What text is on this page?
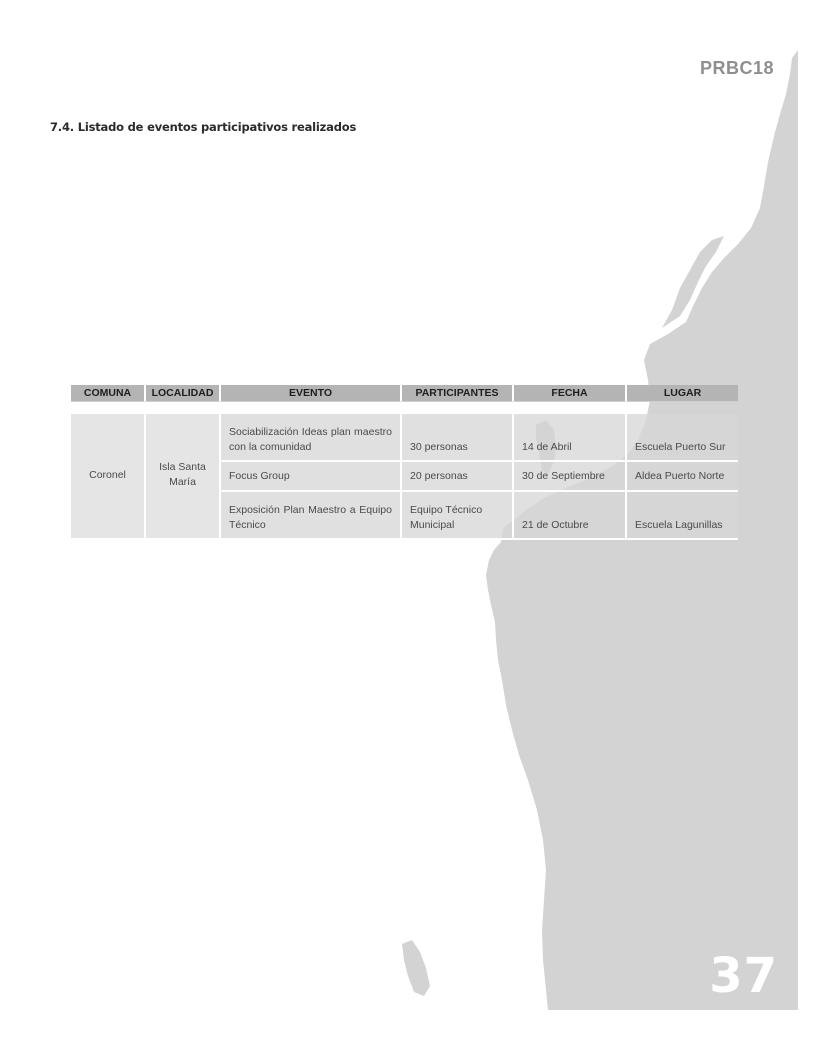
PRBC18
7.4. Listado de eventos participativos realizados
COMUNA	LOCALIDAD	EVENTO	PARTICIPANTES	FECHA	LUGAR

Coronel	Isla Santa María	Sociabilización Ideas plan maestro con la comunidad	30 personas	14 de Abril	Escuela Puerto Sur
		Focus Group	20 personas	30 de Septiembre	Aldea Puerto Norte
		Exposición Plan Maestro a Equipo Técnico	Equipo Técnico Municipal	21 de Octubre	Escuela Lagunillas
37
